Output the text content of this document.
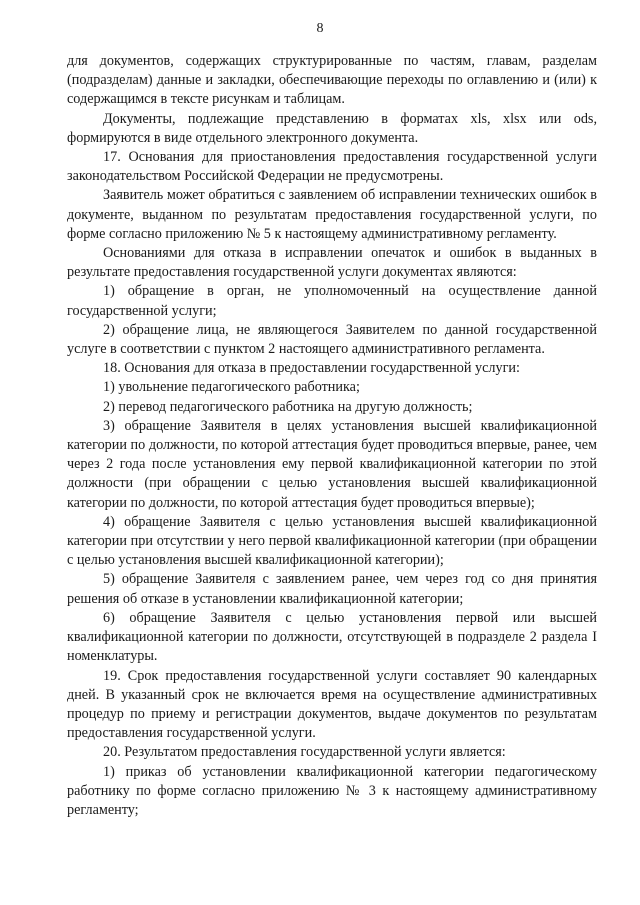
8

для документов, содержащих структурированные по частям, главам, разделам (подразделам) данные и закладки, обеспечивающие переходы по оглавлению и (или) к содержащимся в тексте рисункам и таблицам.

Документы, подлежащие представлению в форматах xls, xlsx или ods, формируются в виде отдельного электронного документа.

17. Основания для приостановления предоставления государственной услуги законодательством Российской Федерации не предусмотрены.

Заявитель может обратиться с заявлением об исправлении технических ошибок в документе, выданном по результатам предоставления государственной услуги, по форме согласно приложению № 5 к настоящему административному регламенту.

Основаниями для отказа в исправлении опечаток и ошибок в выданных в результате предоставления государственной услуги документах являются:

1) обращение в орган, не уполномоченный на осуществление данной государственной услуги;

2) обращение лица, не являющегося Заявителем по данной государственной услуге в соответствии с пунктом 2 настоящего административного регламента.

18. Основания для отказа в предоставлении государственной услуги:

1) увольнение педагогического работника;

2) перевод педагогического работника на другую должность;

3) обращение Заявителя в целях установления высшей квалификационной категории по должности, по которой аттестация будет проводиться впервые, ранее, чем через 2 года после установления ему первой квалификационной категории по этой должности (при обращении с целью установления высшей квалификационной категории по должности, по которой аттестация будет проводиться впервые);

4) обращение Заявителя с целью установления высшей квалификационной категории при отсутствии у него первой квалификационной категории (при обращении с целью установления высшей квалификационной категории);

5) обращение Заявителя с заявлением ранее, чем через год со дня принятия решения об отказе в установлении квалификационной категории;

6) обращение Заявителя с целью установления первой или высшей квалификационной категории по должности, отсутствующей в подразделе 2 раздела I номенклатуры.

19. Срок предоставления государственной услуги составляет 90 календарных дней. В указанный срок не включается время на осуществление административных процедур по приему и регистрации документов, выдаче документов по результатам предоставления государственной услуги.

20. Результатом предоставления государственной услуги является:

1) приказ об установлении квалификационной категории педагогическому работнику по форме согласно приложению № 3 к настоящему административному регламенту;
